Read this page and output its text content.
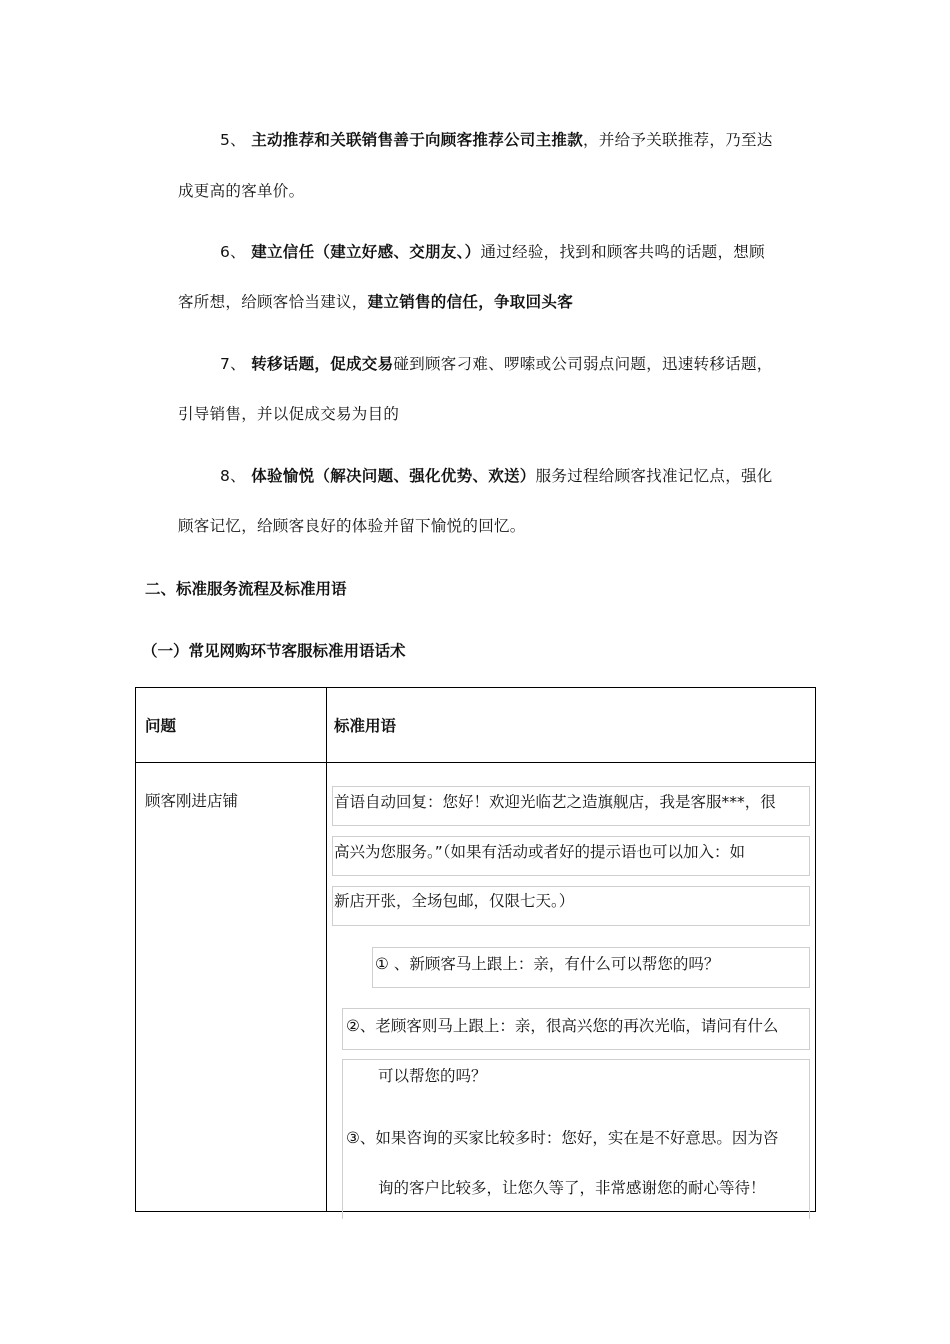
5、 主动推荐和关联销售善于向顾客推荐公司主推款，并给予关联推荐，乃至达
成更高的客单价。
6、 建立信任（建立好感、交朋友、）通过经验，找到和顾客共鸣的话题，想顾
客所想，给顾客恰当建议，建立销售的信任，争取回头客
7、 转移话题，促成交易碰到顾客刁难、啰嗦或公司弱点问题，迅速转移话题，
引导销售，并以促成交易为目的
8、 体验愉悦（解决问题、强化优势、欢送）服务过程给顾客找准记忆点，强化
顾客记忆，给顾客良好的体验并留下愉悦的回忆。
二、标准服务流程及标准用语
（一）常见网购环节客服标准用语话术
问题	标准用语
顾客刚进店铺	首语自动回复：您好！欢迎光临艺之造旗舰店，我是客服***，很
高兴为您服务。”（如果有活动或者好的提示语也可以加入：如
新店开张，全场包邮，仅限七天。）
① 、新顾客马上跟上：亲，有什么可以帮您的吗？
②、老顾客则马上跟上：亲，很高兴您的再次光临，请问有什么
可以帮您的吗？
③、如果咨询的买家比较多时：您好，实在是不好意思。因为咨
询的客户比较多，让您久等了，非常感谢您的耐心等待！
